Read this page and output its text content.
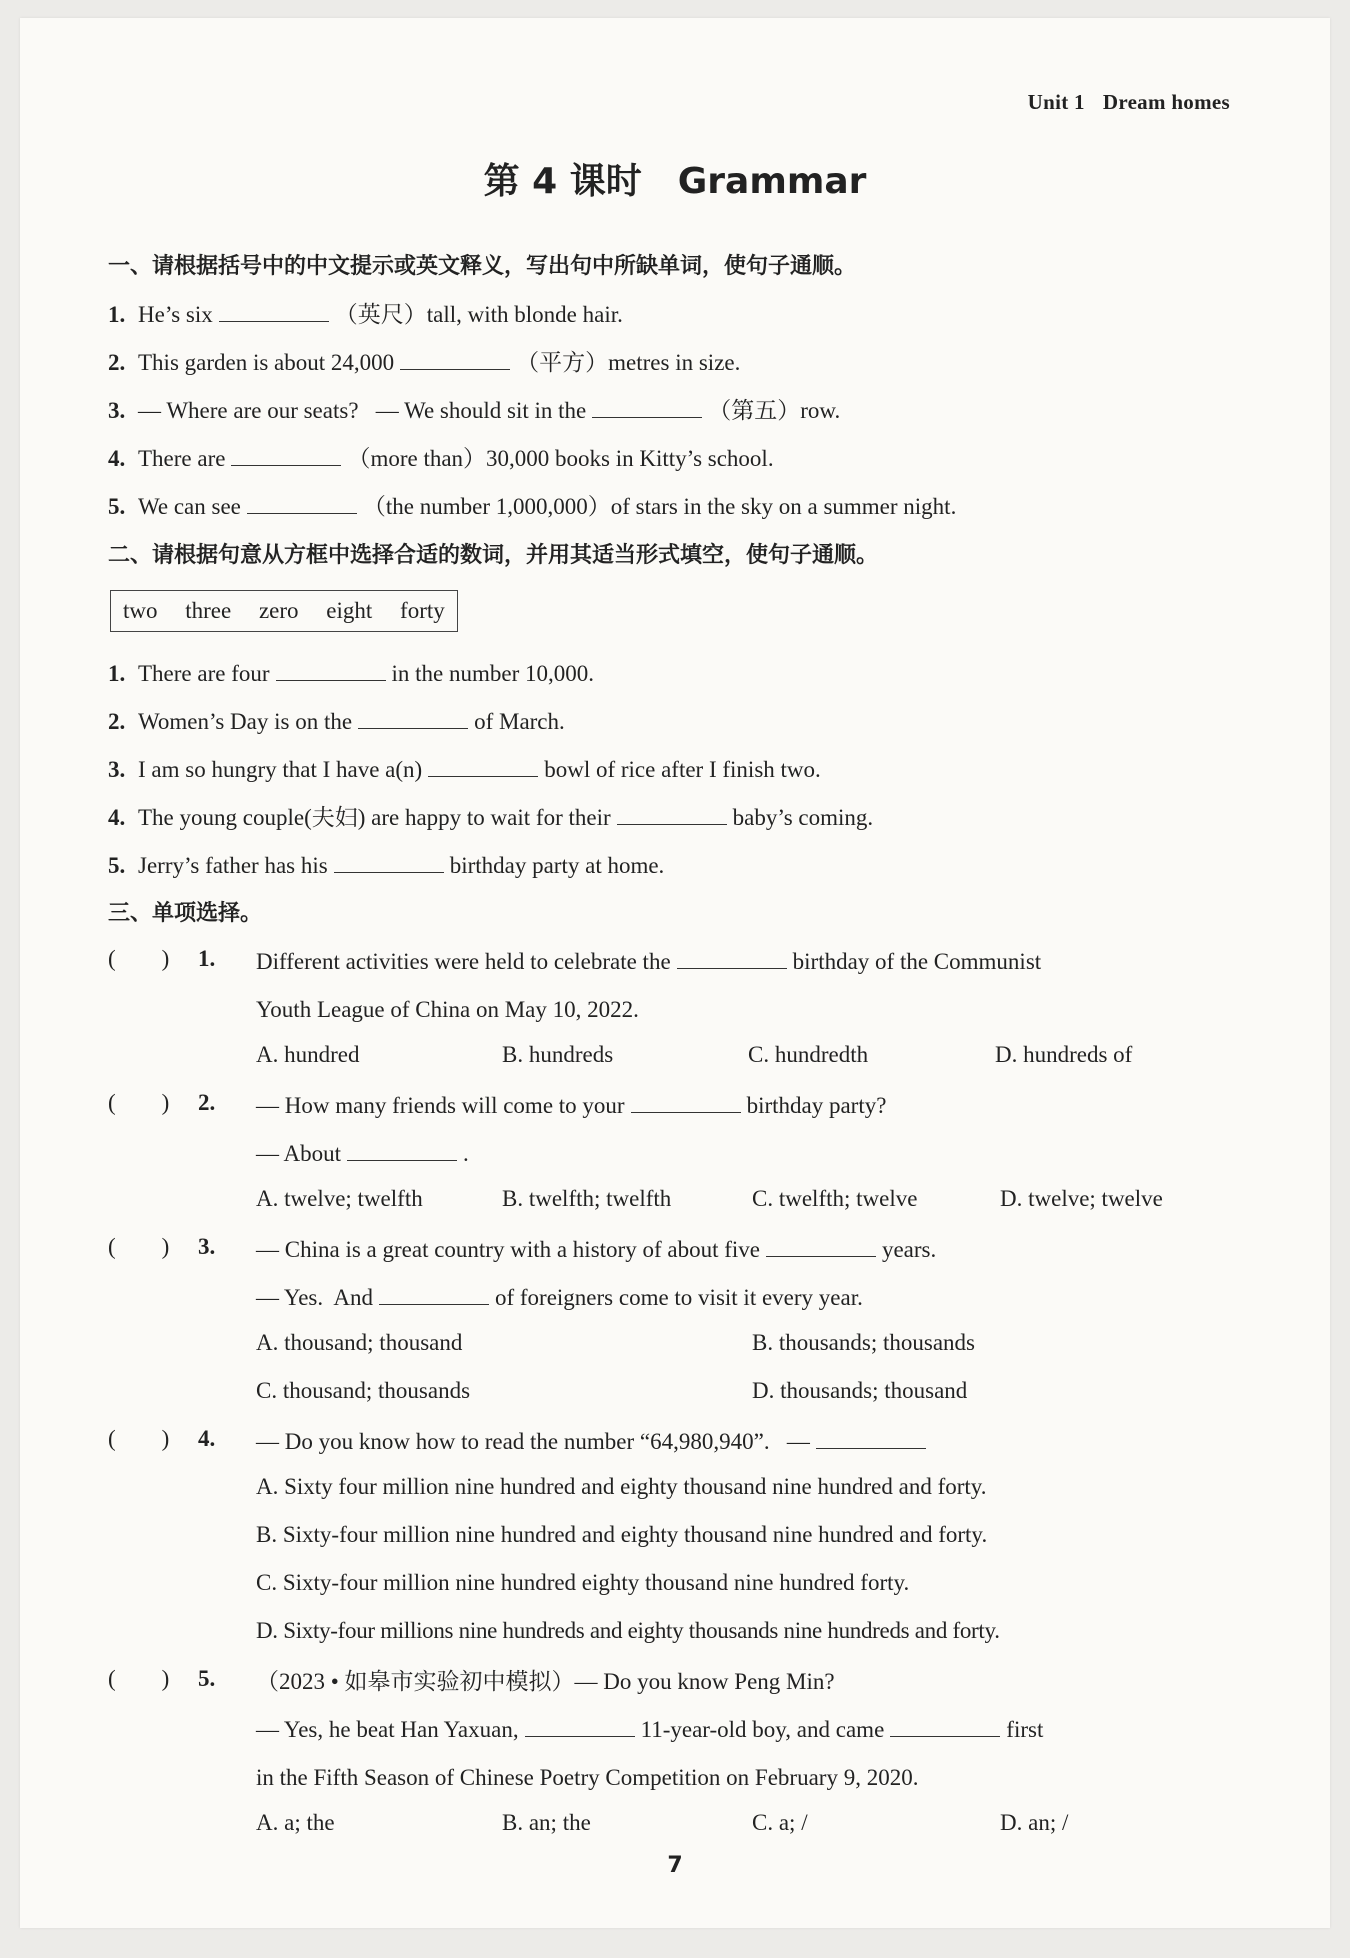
Unit 1 Dream homes
第 4 课时 Grammar
一、请根据括号中的中文提示或英文释义，写出句中所缺单词，使句子通顺。
1. He’s six	（英尺）tall, with blonde hair.
2. This garden is about 24,000	（平方）metres in size.
3. — Where are our seats?   — We should sit in the	（第五）row.
4. There are	（more than）30,000 books in Kitty’s school.
5. We can see	（the number 1,000,000）of stars in the sky on a summer night.
二、请根据句意从方框中选择合适的数词，并用其适当形式填空，使句子通顺。
two three zero eight forty
1. There are four	in the number 10,000.
2. Women’s Day is on the	of March.
3. I am so hungry that I have a(n)	bowl of rice after I finish two.
4. The young couple(夫妇) are happy to wait for their	baby’s coming.
5. Jerry’s father has his	birthday party at home.
三、单项选择。
(        ) 1. Different activities were held to celebrate the	birthday of the Communist
Youth League of China on May 10, 2022.
A. hundred	B. hundreds	C. hundredth	D. hundreds of
(        ) 2. — How many friends will come to your	birthday party?
— About	.
A. twelve; twelfth	B. twelfth; twelfth	C. twelfth; twelve	D. twelve; twelve
(        ) 3. — China is a great country with a history of about five	years.
— Yes.  And	of foreigners come to visit it every year.
A. thousand; thousand	B. thousands; thousands
C. thousand; thousands	D. thousands; thousand
(        ) 4. — Do you know how to read the number “64,980,940”.   —
A. Sixty four million nine hundred and eighty thousand nine hundred and forty.
B. Sixty-four million nine hundred and eighty thousand nine hundred and forty.
C. Sixty-four million nine hundred eighty thousand nine hundred forty.
D. Sixty-four millions nine hundreds and eighty thousands nine hundreds and forty.
(        ) 5. （2023 • 如皋市实验初中模拟）— Do you know Peng Min?
— Yes, he beat Han Yaxuan,	11-year-old boy, and came	first
in the Fifth Season of Chinese Poetry Competition on February 9, 2020.
A. a; the	B. an; the	C. a; /	D. an; /
7
